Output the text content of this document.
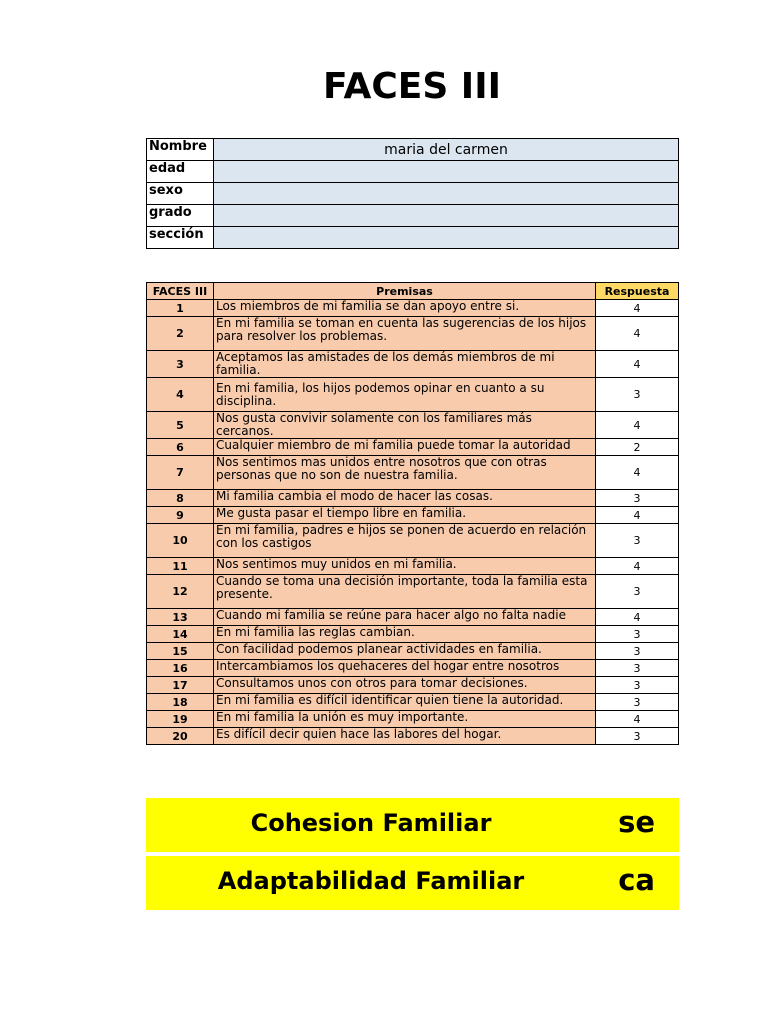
FACES III
Nombre	maria del carmen
edad	
sexo	
grado	
sección	
FACES III	Premisas	Respuesta
1	Los miembros de mi familia se dan apoyo entre si.	4
2	En mi familia se toman en cuenta las sugerencias de los hijos para resolver los problemas.	4
3	Aceptamos las amistades de los demás miembros de mi familia.	4
4	En mi familia, los hijos podemos opinar en cuanto a su disciplina.	3
5	Nos gusta convivir solamente con los familiares más cercanos.	4
6	Cualquier miembro de mi familia puede tomar la autoridad	2
7	Nos sentimos mas unidos entre nosotros que con otras personas que no son de nuestra familia.	4
8	Mi familia cambia el modo de hacer las cosas.	3
9	Me gusta pasar el tiempo libre en familia.	4
10	En mi familia, padres e hijos se ponen de acuerdo en relación con los castigos	3
11	Nos sentimos muy unidos en mi familia.	4
12	Cuando se toma una decisión importante, toda la familia esta presente.	3
13	Cuando mi familia se reúne para hacer algo no falta nadie	4
14	En mi familia las reglas cambian.	3
15	Con facilidad podemos planear actividades en familia.	3
16	Intercambiamos los quehaceres del hogar entre nosotros	3
17	Consultamos unos con otros para tomar decisiones.	3
18	En mi familia es difícil identificar quien tiene la autoridad.	3
19	En mi familia la unión es muy importante.	4
20	Es difícil decir quien hace las labores del hogar.	3
Cohesion Familiar	se
Adaptabilidad Familiar	ca
